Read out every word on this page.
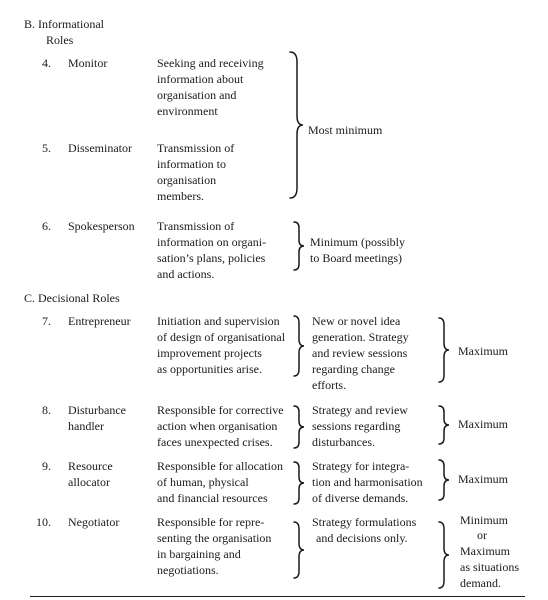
B. Informational
Roles
4. Monitor	Seeking and receiving
information about
organisation and
environment
5. Disseminator Transmission of
information to
organisation
members.
Most minimum
6. Spokesperson Transmission of
information on organi-
sation’s plans, policies
and actions.
Minimum (possibly
to Board meetings)
C. Decisional Roles
7. Entrepreneur Initiation and supervision
of design of organisational
improvement projects
as opportunities arise.
New or novel idea
generation. Strategy
and review sessions
regarding change
efforts.
Maximum
8. Disturbance
handler
Responsible for corrective
action when organisation
faces unexpected crises.
Strategy and review
sessions regarding
disturbances.
Maximum
9. Resource
allocator
Responsible for allocation
of human, physical
and financial resources
Strategy for integra-
tion and harmonisation
of diverse demands.
Maximum
10. Negotiator	Responsible for repre-
senting the organisation
in bargaining and
negotiations.
Strategy formulations
and decisions only.
Minimum
or
Maximum
as situations
demand.
